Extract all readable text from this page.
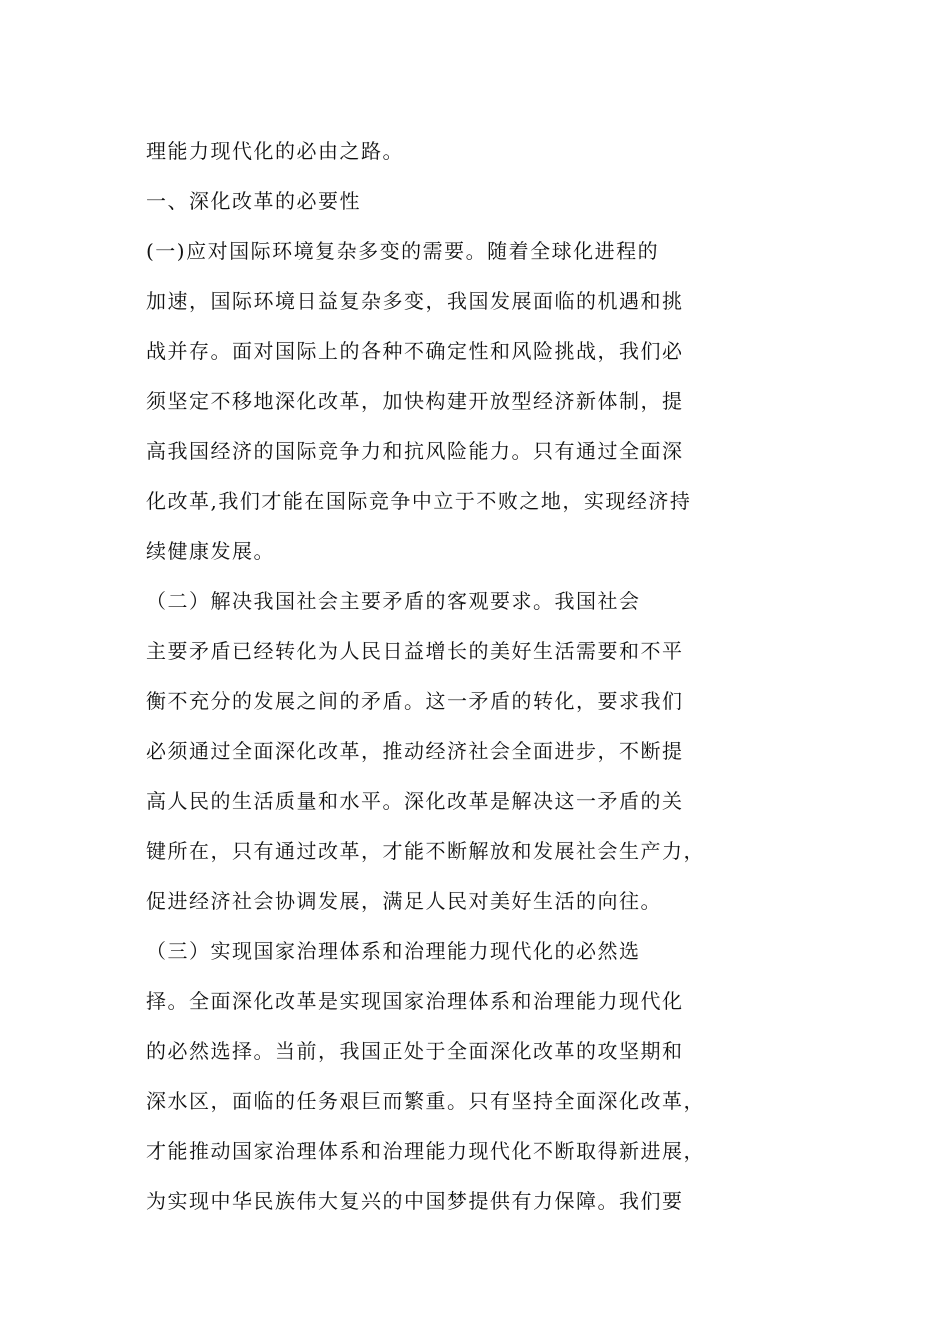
理能力现代化的必由之路。
一、深化改革的必要性
(一)应对国际环境复杂多变的需要。随着全球化进程的
加速，国际环境日益复杂多变，我国发展面临的机遇和挑
战并存。面对国际上的各种不确定性和风险挑战，我们必
须坚定不移地深化改革，加快构建开放型经济新体制，提
高我国经济的国际竞争力和抗风险能力。只有通过全面深
化改革,我们才能在国际竞争中立于不败之地，实现经济持
续健康发展。
（二）解决我国社会主要矛盾的客观要求。我国社会
主要矛盾已经转化为人民日益增长的美好生活需要和不平
衡不充分的发展之间的矛盾。这一矛盾的转化，要求我们
必须通过全面深化改革，推动经济社会全面进步，不断提
高人民的生活质量和水平。深化改革是解决这一矛盾的关
键所在，只有通过改革，才能不断解放和发展社会生产力，
促进经济社会协调发展，满足人民对美好生活的向往。
（三）实现国家治理体系和治理能力现代化的必然选
择。全面深化改革是实现国家治理体系和治理能力现代化
的必然选择。当前，我国正处于全面深化改革的攻坚期和
深水区，面临的任务艰巨而繁重。只有坚持全面深化改革，
才能推动国家治理体系和治理能力现代化不断取得新进展，
为实现中华民族伟大复兴的中国梦提供有力保障。我们要
